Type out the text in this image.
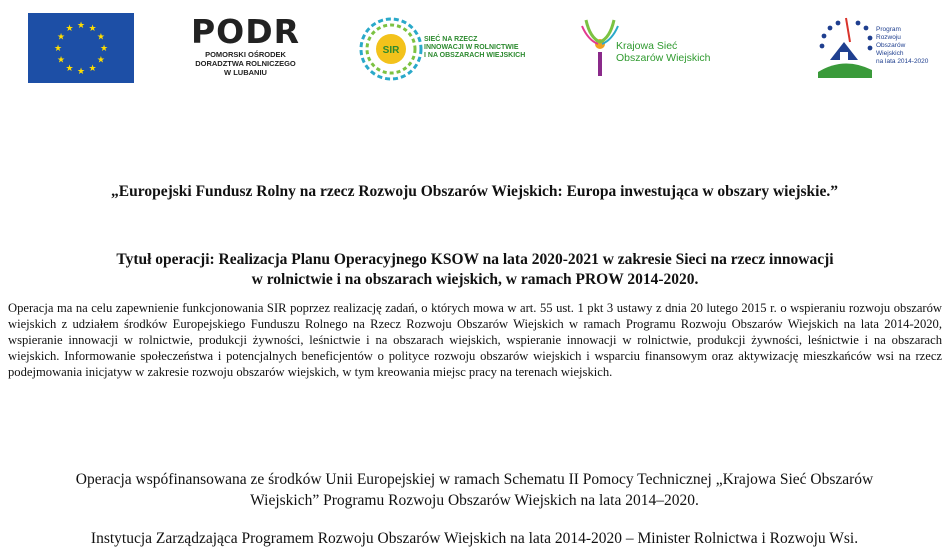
★ ★
★
★
★
★
★
★
★
★
★
★	PODR
POMORSKI OŚRODEK
DORADZTWA ROLNICZEGO
W LUBANIU
SIR
SIEĆ NA RZECZ
INNOWACJI W ROLNICTWIE
I NA OBSZARACH WIEJSKICH
Krajowa Sieć
Obszarów Wiejskich
Program
Rozwoju
Obszarów
Wiejskich
na lata 2014-2020
„Europejski Fundusz Rolny na rzecz Rozwoju Obszarów Wiejskich: Europa inwestująca w obszary wiejskie.”
Tytuł operacji: Realizacja Planu Operacyjnego KSOW na lata 2020-2021 w zakresie Sieci na rzecz innowacji
w rolnictwie i na obszarach wiejskich, w ramach PROW 2014-2020.
Operacja ma na celu zapewnienie funkcjonowania SIR poprzez realizację zadań, o których mowa w art. 55 ust. 1 pkt 3 ustawy z dnia 20 lutego 2015 r. o wspieraniu rozwoju obszarów wiejskich z udziałem środków Europejskiego Funduszu Rolnego na Rzecz Rozwoju Obszarów Wiejskich w ramach Programu Rozwoju Obszarów Wiejskich na lata 2014-2020, wspieranie innowacji w rolnictwie, produkcji żywności, leśnictwie i na obszarach wiejskich, wspieranie innowacji w rolnictwie, produkcji żywności, leśnictwie i na obszarach wiejskich. Informowanie społeczeństwa i potencjalnych beneficjentów o polityce rozwoju obszarów wiejskich i wsparciu finansowym oraz aktywizację mieszkańców wsi na rzecz podejmowania inicjatyw w zakresie rozwoju obszarów wiejskich, w tym kreowania miejsc pracy na terenach wiejskich.
Operacja wspófinansowana ze środków Unii Europejskiej w ramach Schematu II Pomocy Technicznej „Krajowa Sieć Obszarów
Wiejskich” Programu Rozwoju Obszarów Wiejskich na lata 2014–2020.
Instytucja Zarządzająca Programem Rozwoju Obszarów Wiejskich na lata 2014-2020 – Minister Rolnictwa i Rozwoju Wsi.
